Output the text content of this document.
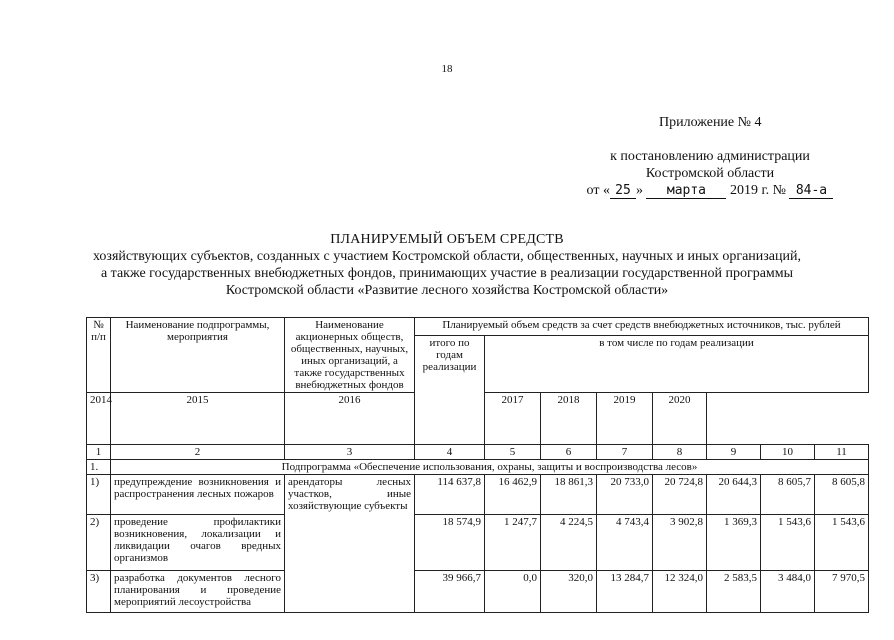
18
Приложение № 4
к постановлению администрации
Костромской области
от « 25 » марта 2019 г. № 84-а
ПЛАНИРУЕМЫЙ ОБЪЕМ СРЕДСТВ
хозяйствующих субъектов, созданных с участием Костромской области, общественных, научных и иных организаций,
а также государственных внебюджетных фондов, принимающих участие в реализации государственной программы
Костромской области «Развитие лесного хозяйства Костромской области»
№ п/п	Наименование подпрограммы, мероприятия	Наименование акционерных обществ, общественных, научных, иных организаций, а также государственных внебюджетных фондов	Планируемый объем средств за счет средств внебюджетных источников, тыс. рублей							
			итого по годам реализации	в том числе по годам реализации						
2014	2015	2016		2017	2018	2019	2020			
1	2	3	4	5	6	7	8	9	10	11
1.	Подпрограмма «Обеспечение использования, охраны, защиты и воспроизводства лесов»									
1)	предупреждение возникновения и распространения лесных пожаров	арендаторы лесных участков, иные хозяйствующие субъекты	114 637,8	16 462,9	18 861,3	20 733,0	20 724,8	20 644,3	8 605,7	8 605,8
2)	проведение профилактики возникновения, локализации и ликвидации очагов вредных организмов		18 574,9	1 247,7	4 224,5	4 743,4	3 902,8	1 369,3	1 543,6	1 543,6
3)	разработка документов лесного планирования и проведение мероприятий лесоустройства		39 966,7	0,0	320,0	13 284,7	12 324,0	2 583,5	3 484,0	7 970,5
